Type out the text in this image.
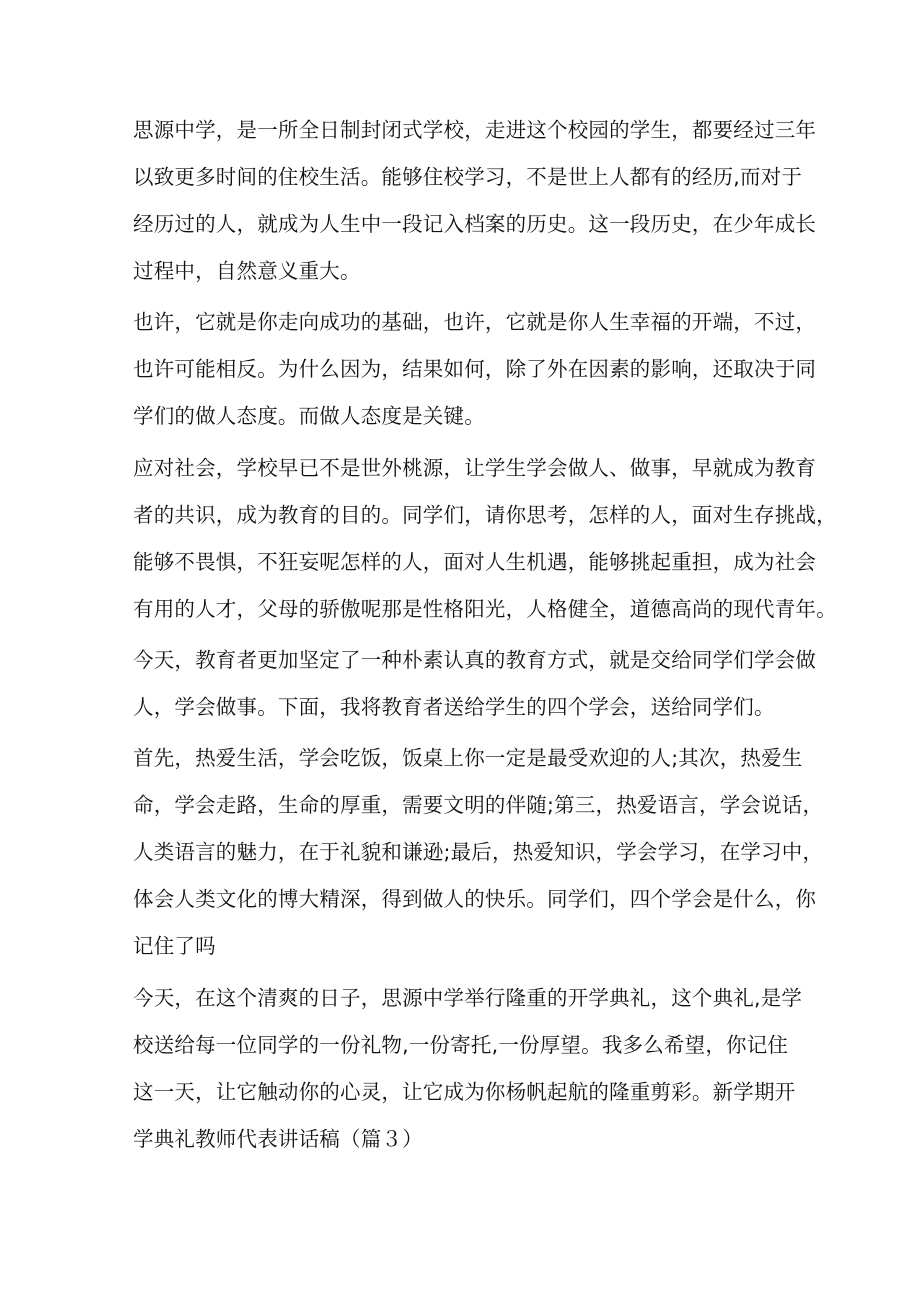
思源中学，是一所全日制封闭式学校，走进这个校园的学生，都要经过三年
以致更多时间的住校生活。能够住校学习，不是世上人都有的经历,而对于
经历过的人，就成为人生中一段记入档案的历史。这一段历史，在少年成长
过程中，自然意义重大。
也许，它就是你走向成功的基础，也许，它就是你人生幸福的开端，不过，
也许可能相反。为什么因为，结果如何，除了外在因素的影响，还取决于同
学们的做人态度。而做人态度是关键。
应对社会，学校早已不是世外桃源，让学生学会做人、做事，早就成为教育
者的共识，成为教育的目的。同学们，请你思考，怎样的人，面对生存挑战，
能够不畏惧，不狂妄呢怎样的人，面对人生机遇，能够挑起重担，成为社会
有用的人才，父母的骄傲呢那是性格阳光，人格健全，道德高尚的现代青年。
今天，教育者更加坚定了一种朴素认真的教育方式，就是交给同学们学会做
人，学会做事。下面，我将教育者送给学生的四个学会，送给同学们。
首先，热爱生活，学会吃饭，饭桌上你一定是最受欢迎的人;其次，热爱生
命，学会走路，生命的厚重，需要文明的伴随;第三，热爱语言，学会说话，
人类语言的魅力，在于礼貌和谦逊;最后，热爱知识，学会学习，在学习中，
体会人类文化的博大精深，得到做人的快乐。同学们，四个学会是什么，你
记住了吗
今天，在这个清爽的日子，思源中学举行隆重的开学典礼，这个典礼,是学
校送给每一位同学的一份礼物,一份寄托,一份厚望。我多么希望，你记住
这一天，让它触动你的心灵，让它成为你杨帆起航的隆重剪彩。新学期开
学典礼教师代表讲话稿（篇３）
